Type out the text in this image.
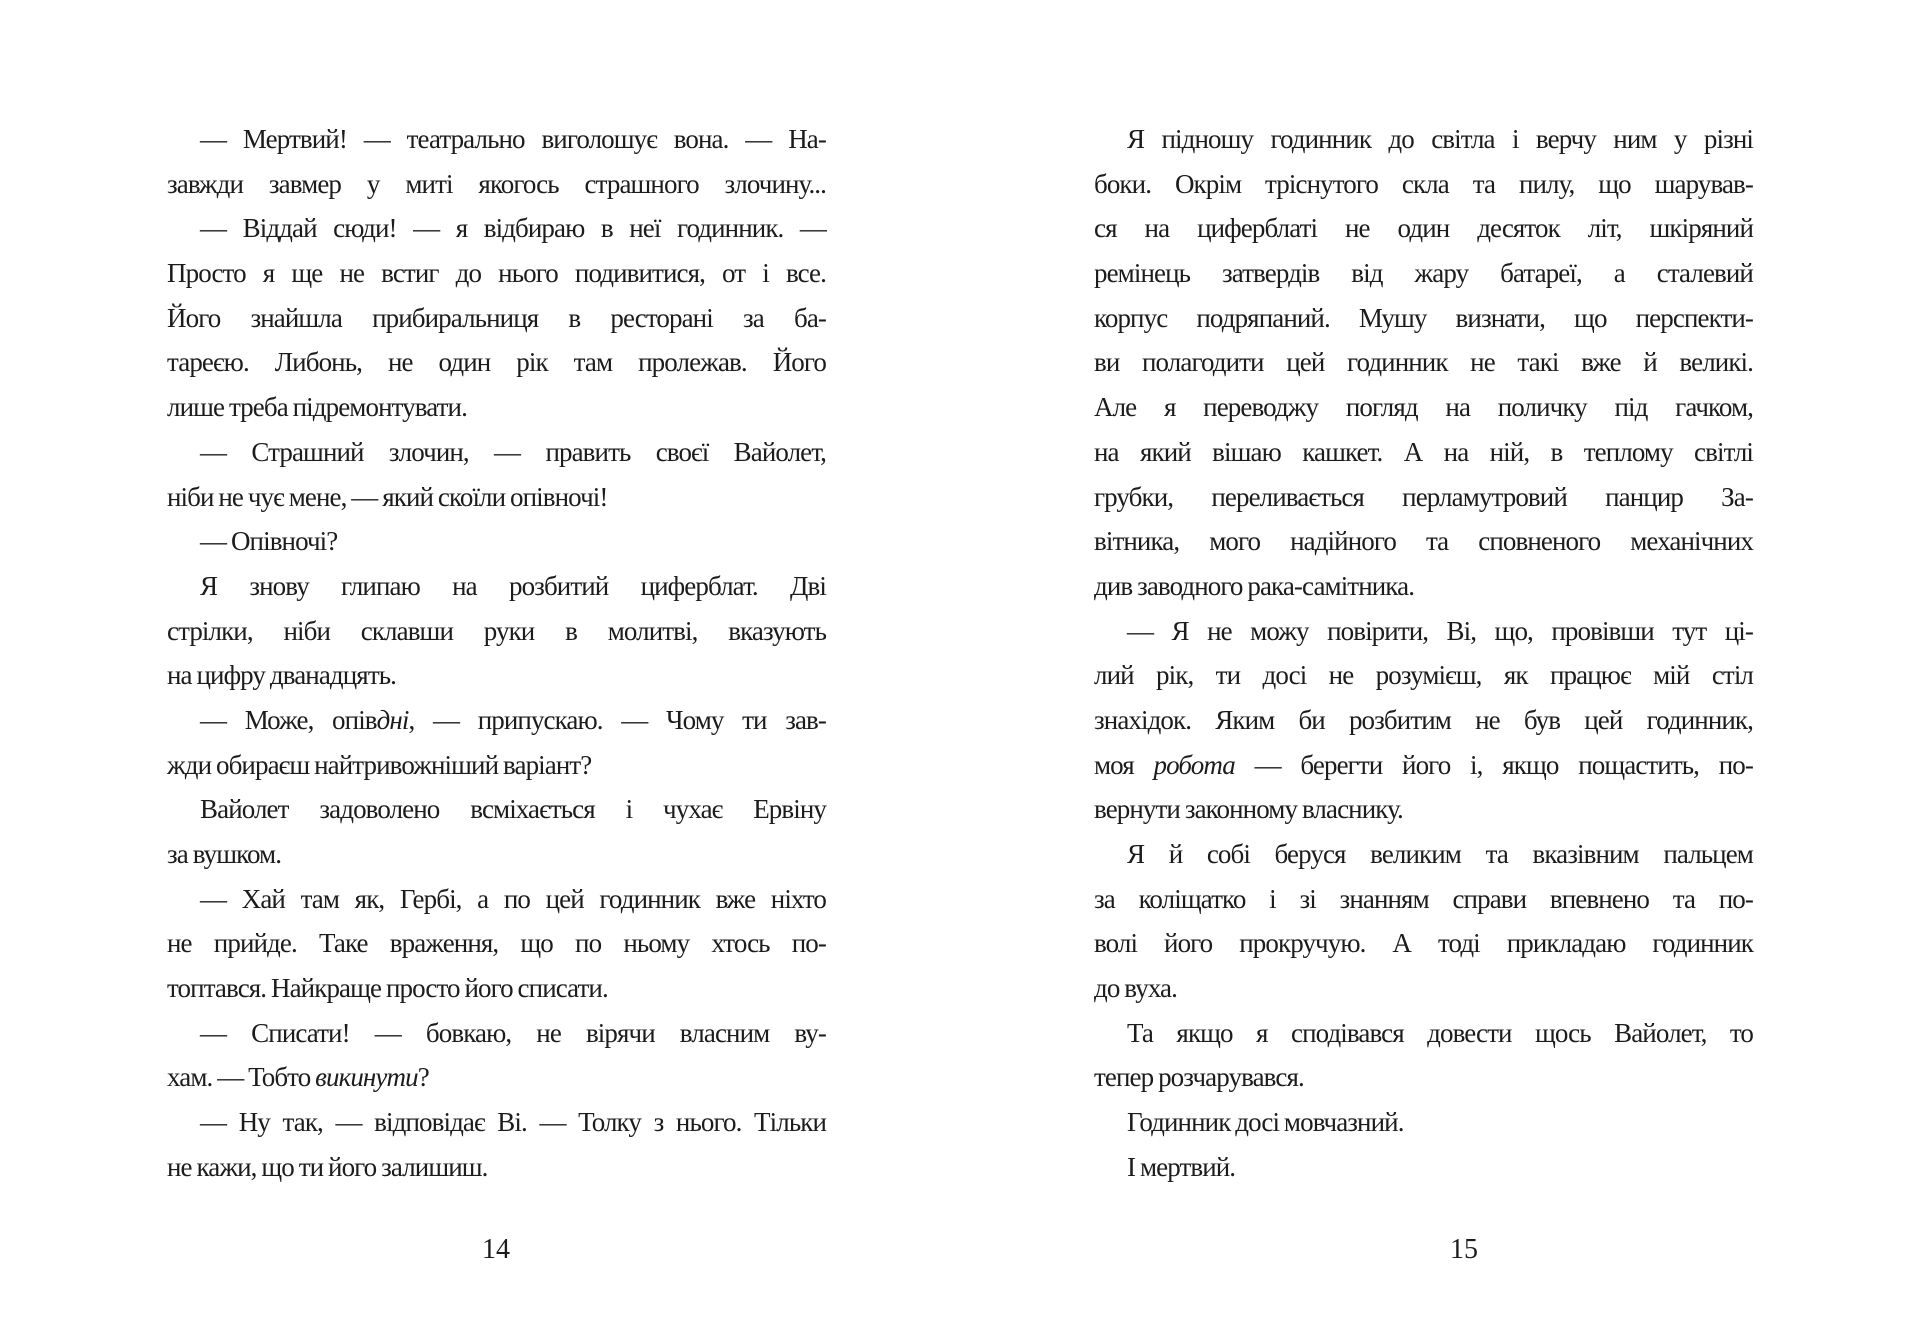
— Мертвий! — театрально виголошує вона. — На-
завжди завмер у миті якогось страшного злочину...
— Віддай сюди! — я відбираю в неї годинник. —
Просто я ще не встиг до нього подивитися, от і все.
Його знайшла прибиральниця в ресторані за ба-
тареєю. Либонь, не один рік там пролежав. Його
лише треба підремонтувати.
— Страшний злочин, — править своєї Вайолет,
ніби не чує мене, — який скоїли опівночі!
— Опівночі?
Я знову глипаю на розбитий циферблат. Дві
стрілки, ніби склавши руки в молитві, вказують
на цифру дванадцять.
— Може, опівдні, — припускаю. — Чому ти зав-
жди обираєш найтривожніший варіант?
Вайолет задоволено всміхається і чухає Ервіну
за вушком.
— Хай там як, Гербі, а по цей годинник вже ніхто
не прийде. Таке враження, що по ньому хтось по-
топтався. Найкраще просто його списати.
— Списати! — бовкаю, не вірячи власним ву-
хам. — Тобто викинути?
— Ну так, — відповідає Ві. — Толку з нього. Тільки
не кажи, що ти його залишиш.
14
Я підношу годинник до світла і верчу ним у різні
боки. Окрім тріснутого скла та пилу, що шарував-
ся на циферблаті не один десяток літ, шкіряний
ремінець затвердів від жару батареї, а сталевий
корпус подряпаний. Мушу визнати, що перспекти-
ви полагодити цей годинник не такі вже й великі.
Але я переводжу погляд на поличку під гачком,
на який вішаю кашкет. А на ній, в теплому світлі
грубки, переливається перламутровий панцир За-
вітника, мого надійного та сповненого механічних
див заводного рака-самітника.
— Я не можу повірити, Ві, що, провівши тут ці-
лий рік, ти досі не розумієш, як працює мій стіл
знахідок. Яким би розбитим не був цей годинник,
моя робота — берегти його і, якщо пощастить, по-
вернути законному власнику.
Я й собі беруся великим та вказівним пальцем
за коліщатко і зі знанням справи впевнено та по-
волі його прокручую. А тоді прикладаю годинник
до вуха.
Та якщо я сподівався довести щось Вайолет, то
тепер розчарувався.
Годинник досі мовчазний.
І мертвий.
15
